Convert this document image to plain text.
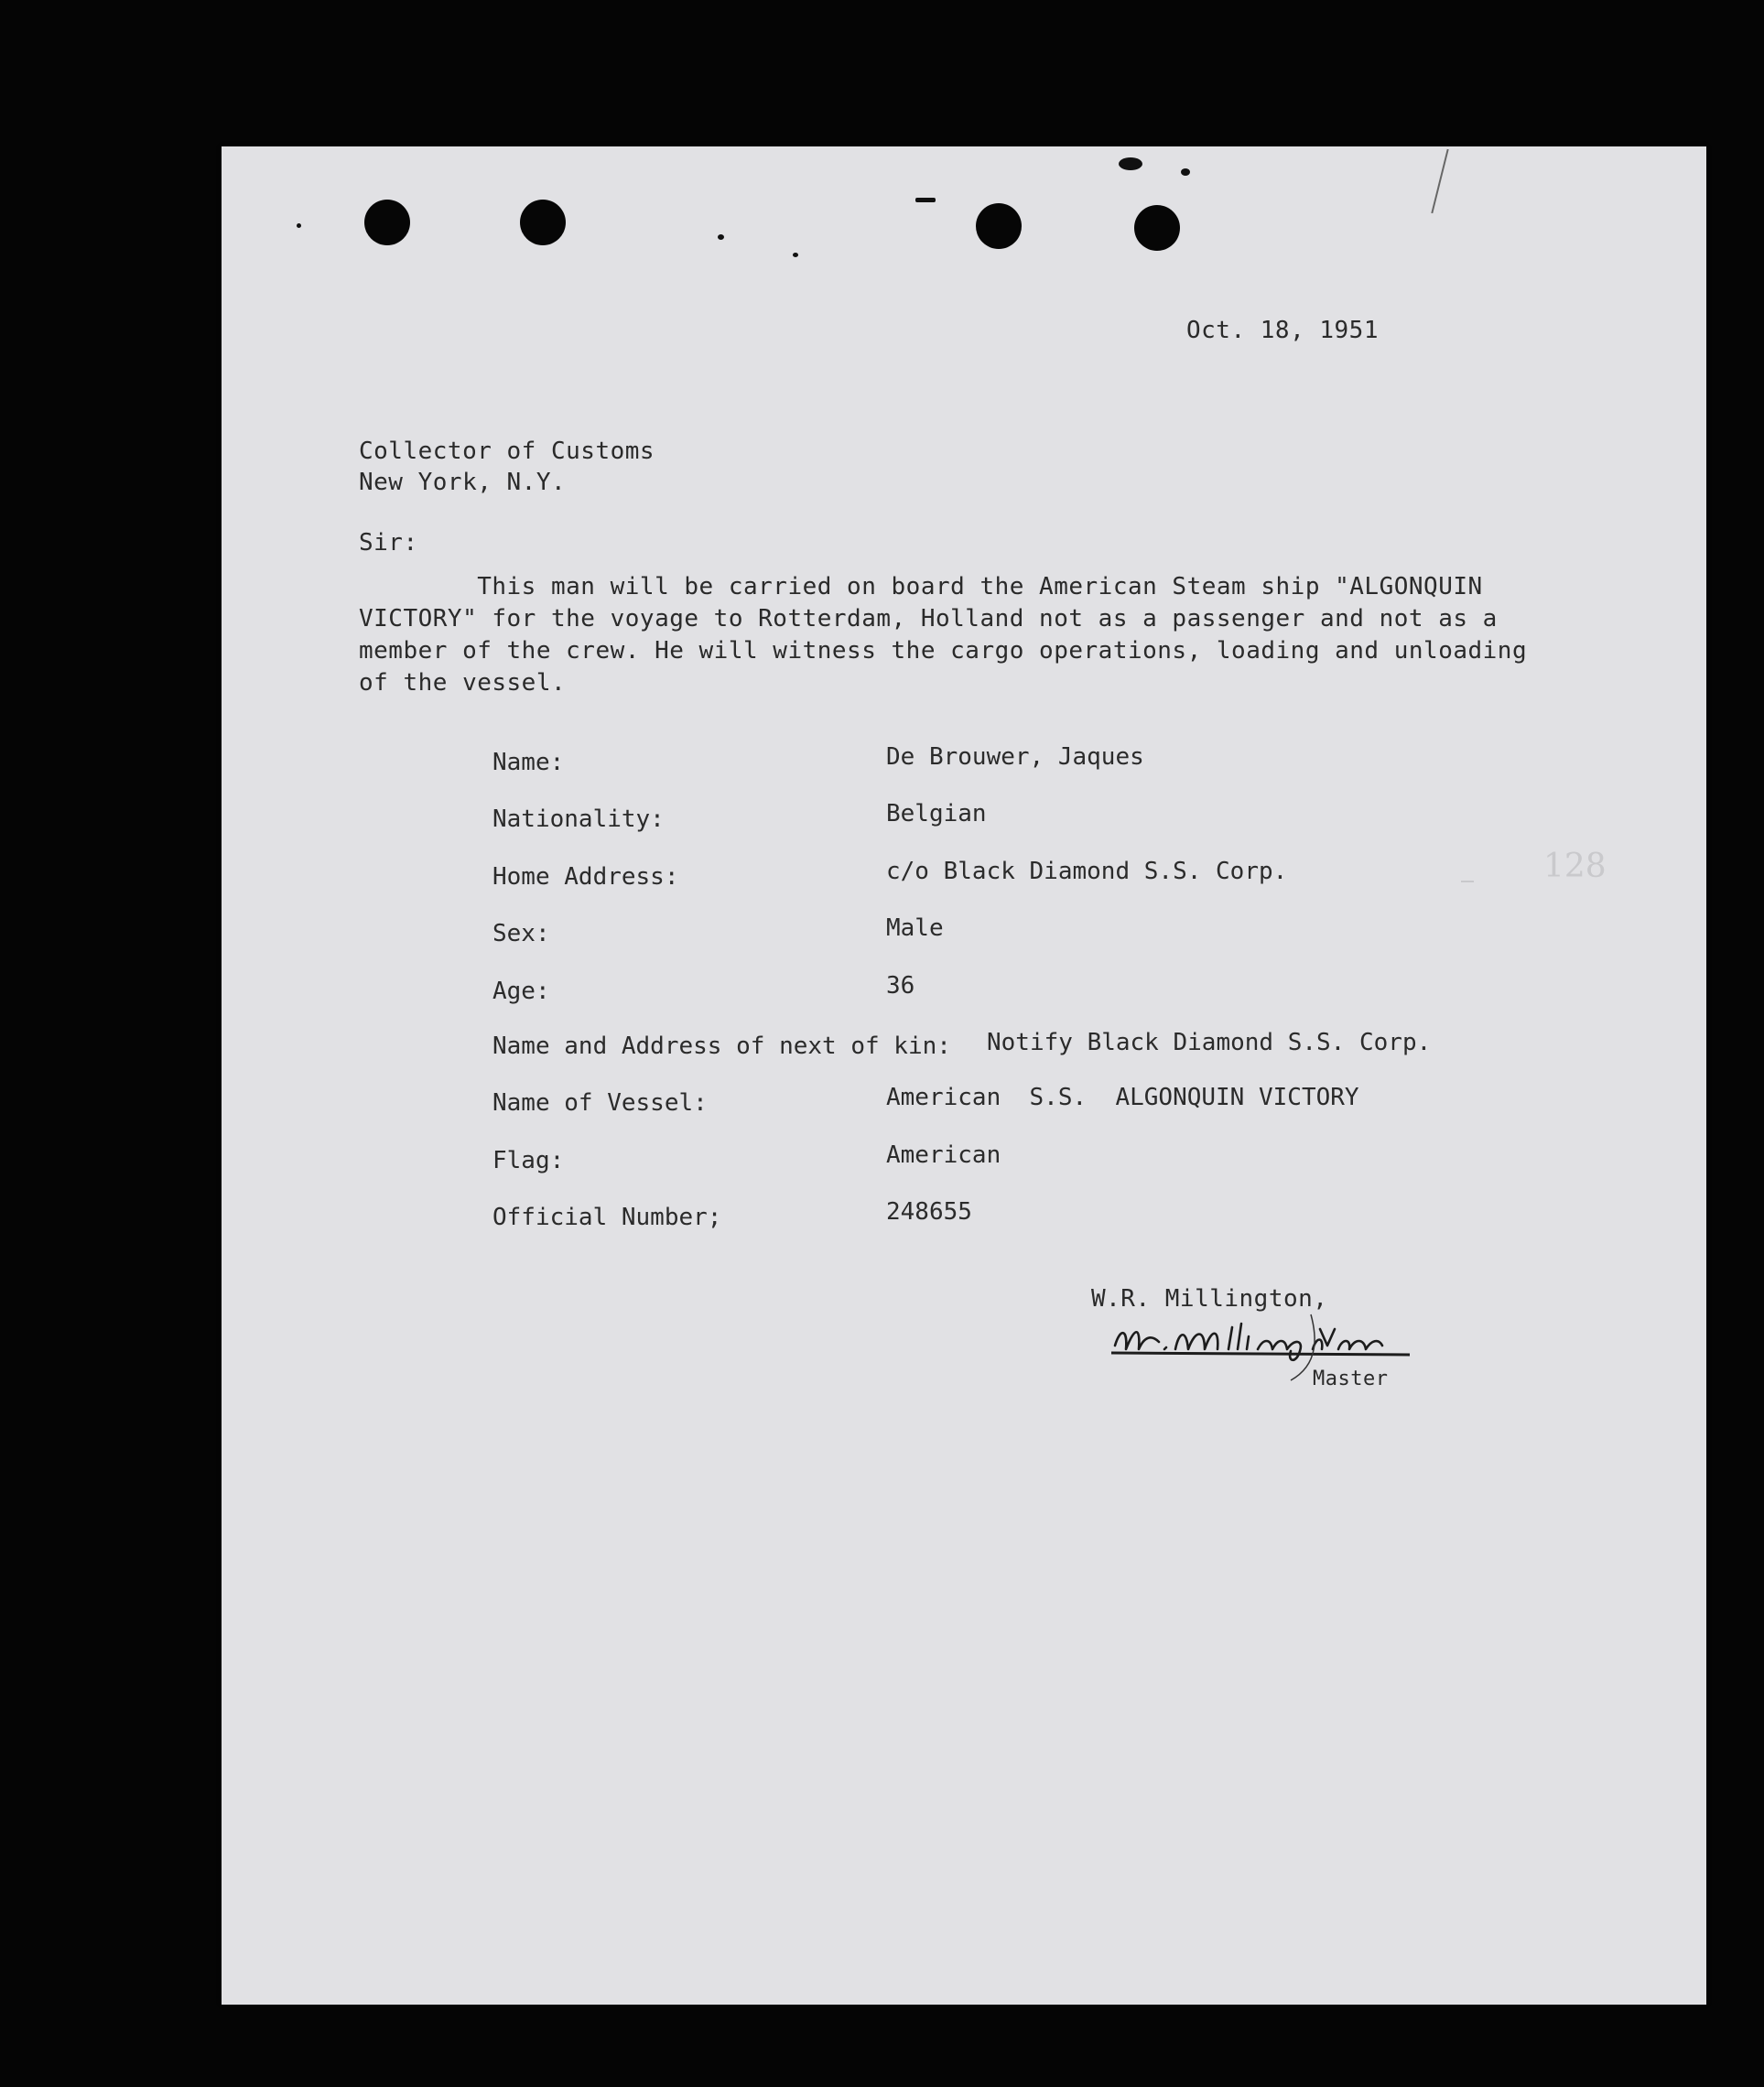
Oct. 18, 1951
Collector of Customs
New York, N.Y.
Sir:
This man will be carried on board the American Steam ship "ALGONQUIN
VICTORY" for the voyage to Rotterdam, Holland not as a passenger and not as a
member of the crew. He will witness the cargo operations, loading and unloading
of the vessel.
Name:	De Brouwer, Jaques
Nationality:	Belgian
Home Address:	c/o Black Diamond S.S. Corp.
Sex:	Male
Age:	36
Name and Address of next of kin: Notify Black Diamond S.S. Corp.
Name of Vessel:	American  S.S.  ALGONQUIN VICTORY
Flag:	American
Official Number;	248655
128
W.R. Millington,
Master
